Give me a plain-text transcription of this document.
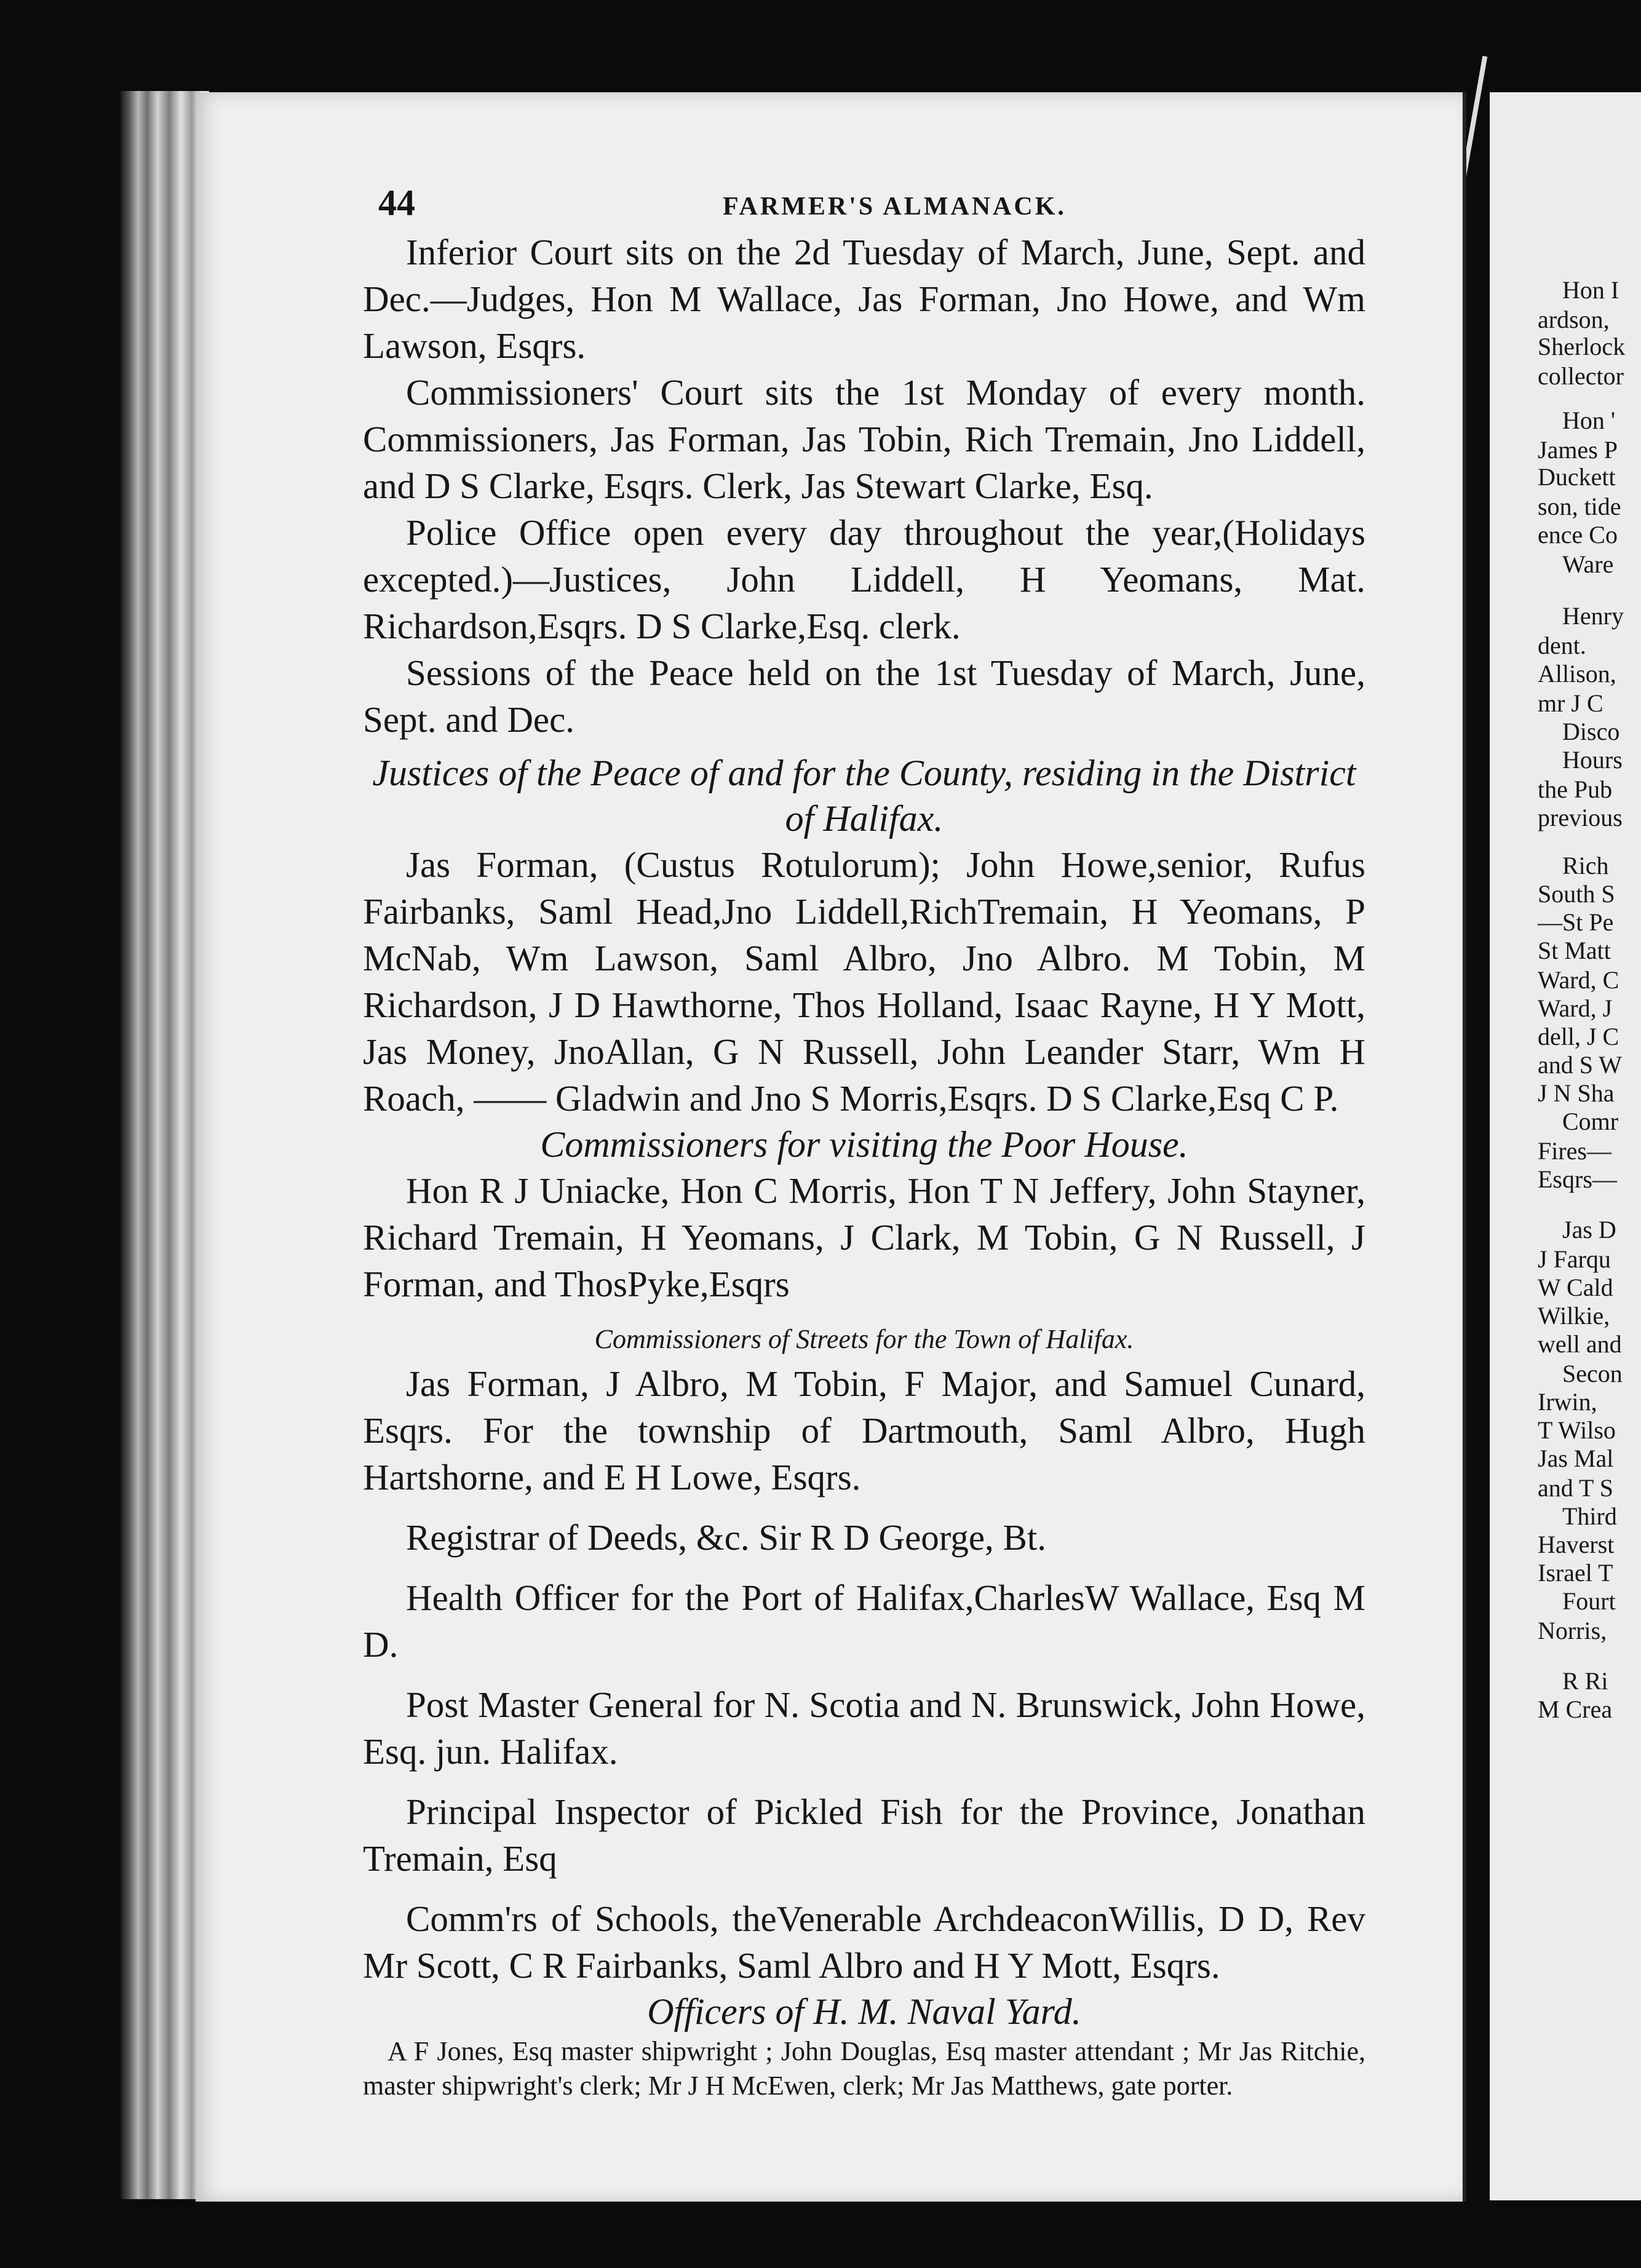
44	FARMER'S ALMANACK.
Inferior Court sits on the 2d Tuesday of March, June, Sept. and Dec.—Judges, Hon M Wallace, Jas Forman, Jno Howe, and Wm Lawson, Esqrs.
Commissioners' Court sits the 1st Monday of every month. Commissioners, Jas Forman, Jas Tobin, Rich Tremain, Jno Liddell, and D S Clarke, Esqrs. Clerk, Jas Stewart Clarke, Esq.
Police Office open every day throughout the year,(Holidays excepted.)—Justices, John Liddell, H Yeomans, Mat. Richardson,Esqrs. D S Clarke,Esq. clerk.
Sessions of the Peace held on the 1st Tuesday of March, June, Sept. and Dec.
Justices of the Peace of and for the County, residing in the District of Halifax.
Jas Forman, (Custus Rotulorum); John Howe,senior, Rufus Fairbanks, Saml Head,Jno Liddell,RichTremain, H Yeomans, P McNab, Wm Lawson, Saml Albro, Jno Albro. M Tobin, M Richardson, J D Hawthorne, Thos Holland, Isaac Rayne, H Y Mott, Jas Money, JnoAllan, G N Russell, John Leander Starr, Wm H Roach, —— Gladwin and Jno S Morris,Esqrs. D S Clarke,Esq C P.
Commissioners for visiting the Poor House.
Hon R J Uniacke, Hon C Morris, Hon T N Jeffery, John Stayner, Richard Tremain, H Yeomans, J Clark, M Tobin, G N Russell, J Forman, and ThosPyke,Esqrs
Commissioners of Streets for the Town of Halifax.
Jas Forman, J Albro, M Tobin, F Major, and Samuel Cunard, Esqrs. For the township of Dartmouth, Saml Albro, Hugh Hartshorne, and E H Lowe, Esqrs.
Registrar of Deeds, &c. Sir R D George, Bt.
Health Officer for the Port of Halifax,CharlesW Wallace, Esq M D.
Post Master General for N. Scotia and N. Brunswick, John Howe, Esq. jun. Halifax.
Principal Inspector of Pickled Fish for the Province, Jonathan Tremain, Esq
Comm'rs of Schools, theVenerable ArchdeaconWillis, D D, Rev Mr Scott, C R Fairbanks, Saml Albro and H Y Mott, Esqrs.
Officers of H. M. Naval Yard.
A F Jones, Esq master shipwright ; John Douglas, Esq master attendant ; Mr Jas Ritchie, master shipwright's clerk; Mr J H McEwen, clerk; Mr Jas Matthews, gate porter.
Hon I
ardson,
Sherlock
collector
Hon '
James P
Duckett
son, tide
ence Co
Ware
Henry
dent.
Allison,
mr J C
Disco
Hours
the Pub
previous
Rich
South S
—St Pe
St Matt
Ward, C
Ward, J
dell, J C
and S W
J N Sha
Comr
Fires—
Esqrs—
Jas D
J Farqu
W Cald
Wilkie,
well and
Secon
Irwin,
T Wilso
Jas Mal
and T S
Third
Haverst
Israel T
Fourt
Norris,
R Ri
M Crea
